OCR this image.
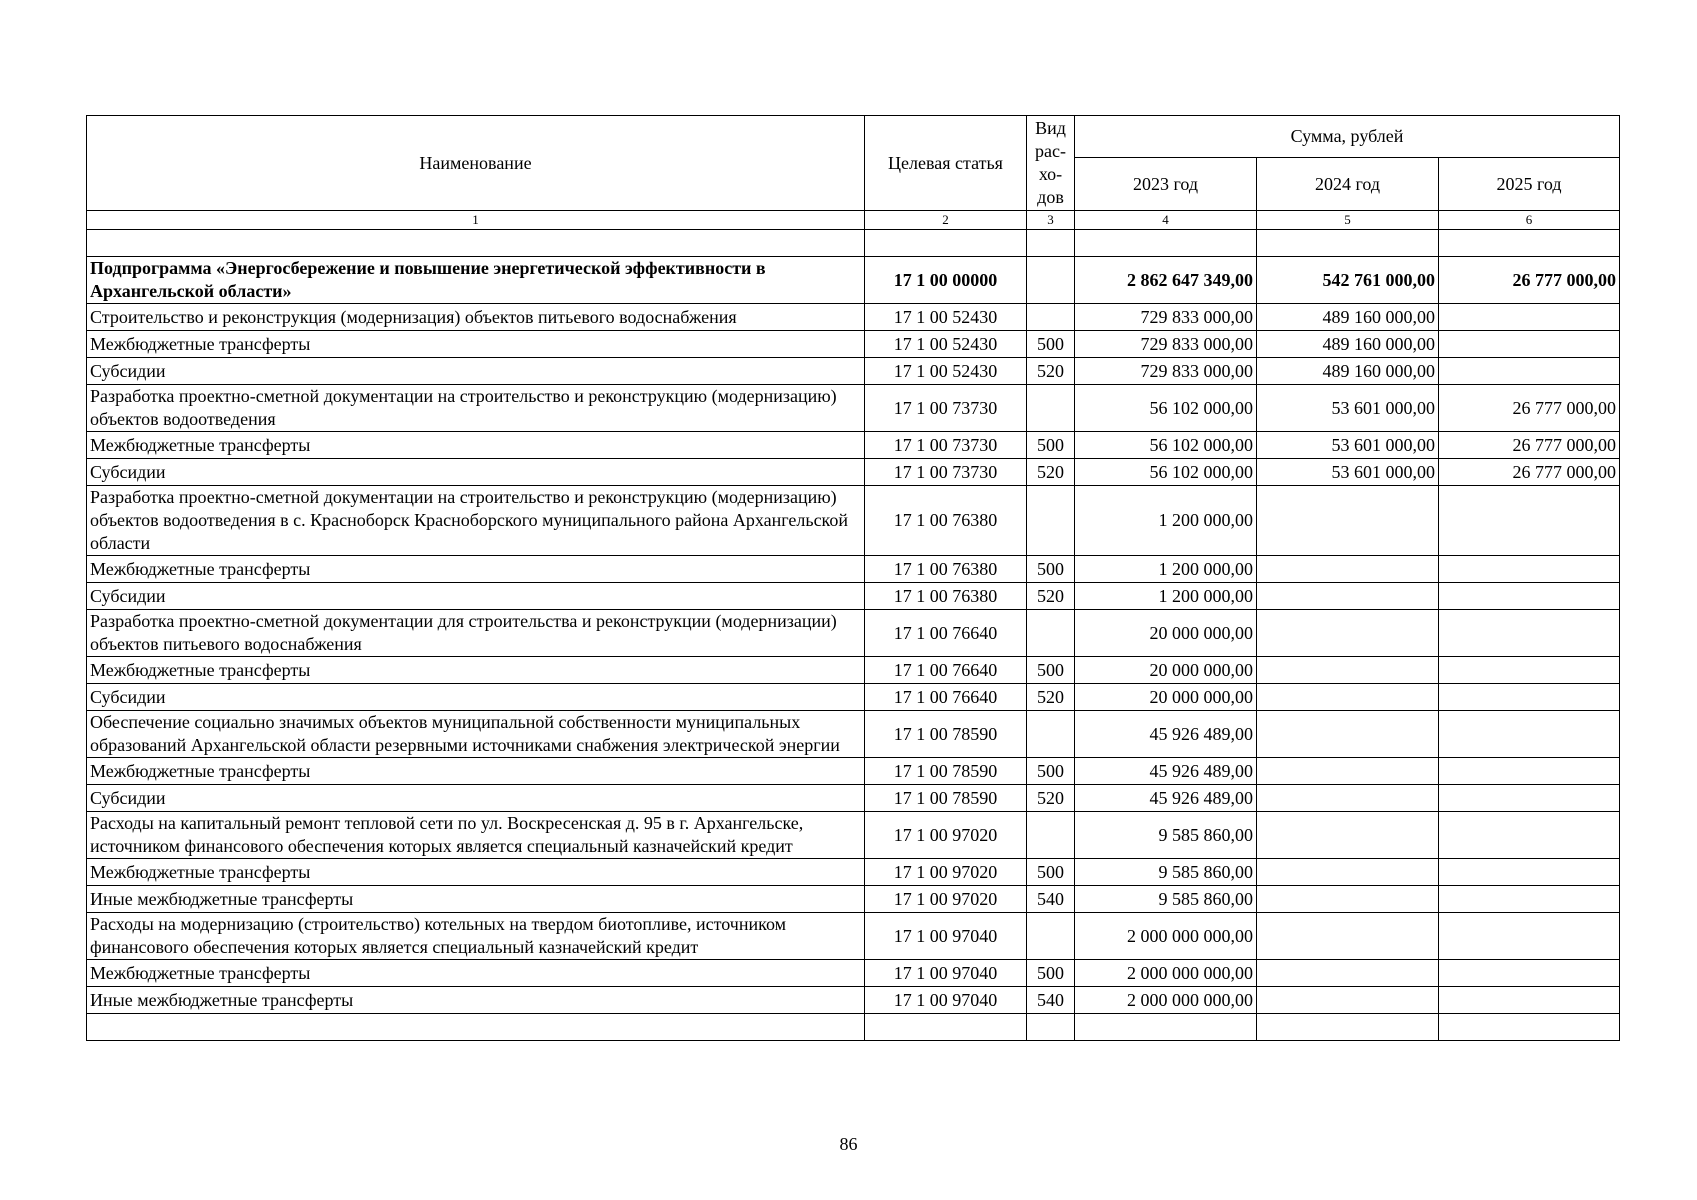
Наименование	Целевая статья	Вид рас-хо-дов	Сумма, рублей		
			2023 год	2024 год	2025 год
1	2	3	4	5	6

Подпрограмма «Энергосбережение и повышение энергетической эффективности в Архангельской области»	17 1 00 00000		2 862 647 349,00	542 761 000,00	26 777 000,00
Строительство и реконструкция (модернизация) объектов питьевого водоснабжения	17 1 00 52430		729 833 000,00	489 160 000,00	
Межбюджетные трансферты	17 1 00 52430	500	729 833 000,00	489 160 000,00	
Субсидии	17 1 00 52430	520	729 833 000,00	489 160 000,00	
Разработка проектно-сметной документации на строительство и реконструкцию (модернизацию) объектов водоотведения	17 1 00 73730		56 102 000,00	53 601 000,00	26 777 000,00
Межбюджетные трансферты	17 1 00 73730	500	56 102 000,00	53 601 000,00	26 777 000,00
Субсидии	17 1 00 73730	520	56 102 000,00	53 601 000,00	26 777 000,00
Разработка проектно-сметной документации на строительство и реконструкцию (модернизацию) объектов водоотведения в с. Красноборск Красноборского муниципального района Архангельской области	17 1 00 76380		1 200 000,00		
Межбюджетные трансферты	17 1 00 76380	500	1 200 000,00		
Субсидии	17 1 00 76380	520	1 200 000,00		
Разработка проектно-сметной документации для строительства и реконструкции (модернизации) объектов питьевого водоснабжения	17 1 00 76640		20 000 000,00		
Межбюджетные трансферты	17 1 00 76640	500	20 000 000,00		
Субсидии	17 1 00 76640	520	20 000 000,00		
Обеспечение социально значимых объектов муниципальной собственности муниципальных образований Архангельской области резервными источниками снабжения электрической энергии	17 1 00 78590		45 926 489,00		
Межбюджетные трансферты	17 1 00 78590	500	45 926 489,00		
Субсидии	17 1 00 78590	520	45 926 489,00		
Расходы на капитальный ремонт тепловой сети по ул. Воскресенская д. 95 в г. Архангельске, источником финансового обеспечения которых является специальный казначейский кредит	17 1 00 97020		9 585 860,00		
Межбюджетные трансферты	17 1 00 97020	500	9 585 860,00		
Иные межбюджетные трансферты	17 1 00 97020	540	9 585 860,00		
Расходы на модернизацию (строительство) котельных на твердом биотопливе, источником финансового обеспечения которых является специальный казначейский кредит	17 1 00 97040		2 000 000 000,00		
Межбюджетные трансферты	17 1 00 97040	500	2 000 000 000,00		
Иные межбюджетные трансферты	17 1 00 97040	540	2 000 000 000,00		

86
